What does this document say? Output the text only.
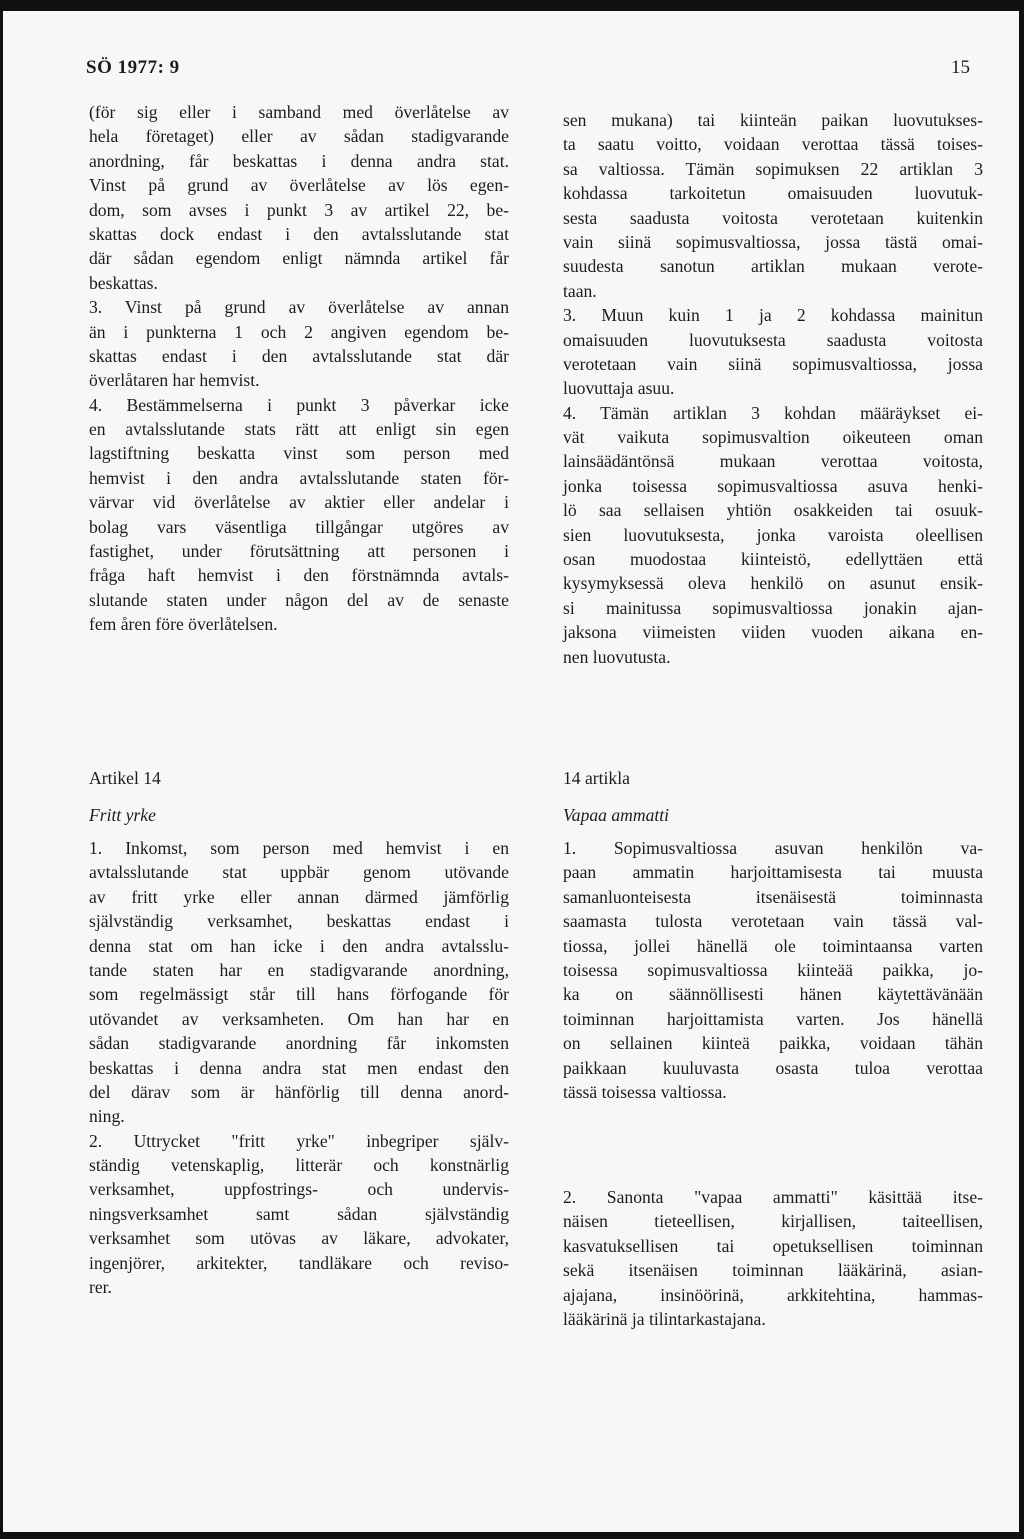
SÖ 1977: 9	15
(för sig eller i samband med överlåtelse av
hela företaget) eller av sådan stadigvarande
anordning, får beskattas i denna andra stat.
Vinst på grund av överlåtelse av lös egen-
dom, som avses i punkt 3 av artikel 22, be-
skattas dock endast i den avtalsslutande stat
där sådan egendom enligt nämnda artikel får
beskattas.
3. Vinst på grund av överlåtelse av annan
än i punkterna 1 och 2 angiven egendom be-
skattas endast i den avtalsslutande stat där
överlåtaren har hemvist.
4. Bestämmelserna i punkt 3 påverkar icke
en avtalsslutande stats rätt att enligt sin egen
lagstiftning beskatta vinst som person med
hemvist i den andra avtalsslutande staten för-
värvar vid överlåtelse av aktier eller andelar i
bolag vars väsentliga tillgångar utgöres av
fastighet, under förutsättning att personen i
fråga haft hemvist i den förstnämnda avtals-
slutande staten under någon del av de senaste
fem åren före överlåtelsen.
Artikel 14
Fritt yrke
1. Inkomst, som person med hemvist i en
avtalsslutande stat uppbär genom utövande
av fritt yrke eller annan därmed jämförlig
självständig verksamhet, beskattas endast i
denna stat om han icke i den andra avtalsslu-
tande staten har en stadigvarande anordning,
som regelmässigt står till hans förfogande för
utövandet av verksamheten. Om han har en
sådan stadigvarande anordning får inkomsten
beskattas i denna andra stat men endast den
del därav som är hänförlig till denna anord-
ning.
2. Uttrycket "fritt yrke" inbegriper själv-
ständig vetenskaplig, litterär och konstnärlig
verksamhet, uppfostrings- och undervis-
ningsverksamhet samt sådan självständig
verksamhet som utövas av läkare, advokater,
ingenjörer, arkitekter, tandläkare och reviso-
rer.
sen mukana) tai kiinteän paikan luovutukses-
ta saatu voitto, voidaan verottaa tässä toises-
sa valtiossa. Tämän sopimuksen 22 artiklan 3
kohdassa tarkoitetun omaisuuden luovutuk-
sesta saadusta voitosta verotetaan kuitenkin
vain siinä sopimusvaltiossa, jossa tästä omai-
suudesta sanotun artiklan mukaan verote-
taan.
3. Muun kuin 1 ja 2 kohdassa mainitun
omaisuuden luovutuksesta saadusta voitosta
verotetaan vain siinä sopimusvaltiossa, jossa
luovuttaja asuu.
4. Tämän artiklan 3 kohdan määräykset ei-
vät vaikuta sopimusvaltion oikeuteen oman
lainsäädäntönsä mukaan verottaa voitosta,
jonka toisessa sopimusvaltiossa asuva henki-
lö saa sellaisen yhtiön osakkeiden tai osuuk-
sien luovutuksesta, jonka varoista oleellisen
osan muodostaa kiinteistö, edellyttäen että
kysymyksessä oleva henkilö on asunut ensik-
si mainitussa sopimusvaltiossa jonakin ajan-
jaksona viimeisten viiden vuoden aikana en-
nen luovutusta.
14 artikla
Vapaa ammatti
1. Sopimusvaltiossa asuvan henkilön va-
paan ammatin harjoittamisesta tai muusta
samanluonteisesta itsenäisestä toiminnasta
saamasta tulosta verotetaan vain tässä val-
tiossa, jollei hänellä ole toimintaansa varten
toisessa sopimusvaltiossa kiinteää paikka, jo-
ka on säännöllisesti hänen käytettävänään
toiminnan harjoittamista varten. Jos hänellä
on sellainen kiinteä paikka, voidaan tähän
paikkaan kuuluvasta osasta tuloa verottaa
tässä toisessa valtiossa.
2. Sanonta "vapaa ammatti" käsittää itse-
näisen tieteellisen, kirjallisen, taiteellisen,
kasvatuksellisen tai opetuksellisen toiminnan
sekä itsenäisen toiminnan lääkärinä, asian-
ajajana, insinöörinä, arkkitehtina, hammas-
lääkärinä ja tilintarkastajana.
